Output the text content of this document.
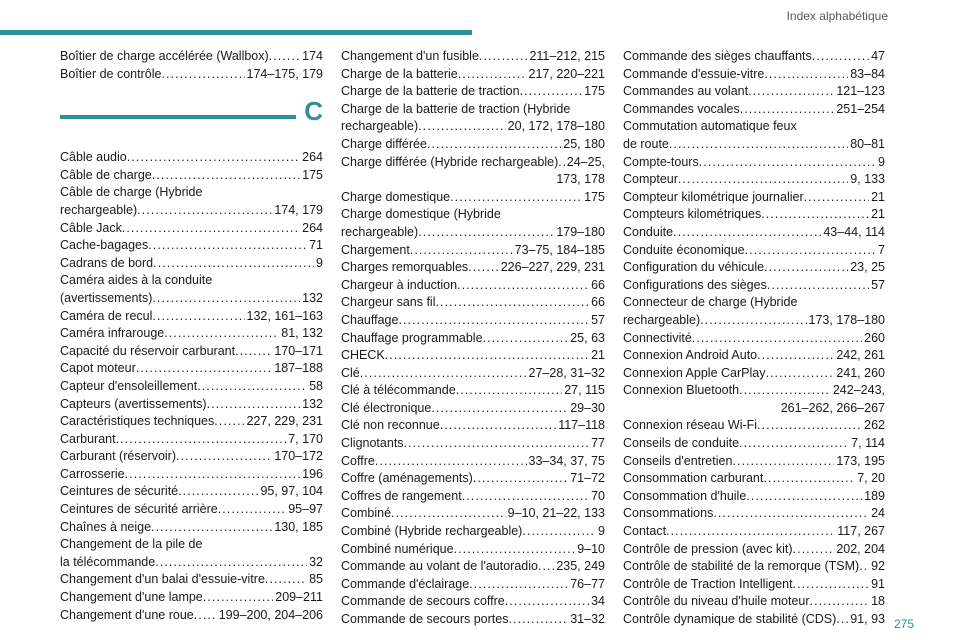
Index alphabétique
Boîtier de charge accélérée (Wallbox) . . .	174
Boîtier de contrôle . . .	174–175, 179
C
Câble audio . . .	264
Câble de charge . . .	175
Câble de charge (Hybride
rechargeable) . . .	174, 179
Câble Jack . . .	264
Cache-bagages . . .	71
Cadrans de bord . . .	9
Caméra aides à la conduite
(avertissements) . . .	132
Caméra de recul . . .	132, 161–163
Caméra infrarouge . . .	81, 132
Capacité du réservoir carburant . . .	170–171
Capot moteur . . .	187–188
Capteur d'ensoleillement . . .	58
Capteurs (avertissements) . . .	132
Caractéristiques techniques . . .	227, 229, 231
Carburant . . .	7, 170
Carburant (réservoir) . . .	170–172
Carrosserie . . .	196
Ceintures de sécurité . . .	95, 97, 104
Ceintures de sécurité arrière . . .	95–97
Chaînes à neige . . .	130, 185
Changement de la pile de
la télécommande . . .	32
Changement d'un balai d'essuie-vitre . . .	85
Changement d'une lampe . . .	209–211
Changement d'une roue . . . 199–200, 204–206
Changement d'un fusible . . .	211–212, 215
Charge de la batterie . . .	217, 220–221
Charge de la batterie de traction . . .	175
Charge de la batterie de traction (Hybride
rechargeable) . . .	20, 172, 178–180
Charge différée . . .	25, 180
Charge différée (Hybride rechargeable) . . . 24–25,
173, 178
Charge domestique . . .	175
Charge domestique (Hybride
rechargeable) . . .	179–180
Chargement . . .	73–75, 184–185
Charges remorquables . . .	226–227, 229, 231
Chargeur à induction . . .	66
Chargeur sans fil . . .	66
Chauffage . . .	57
Chauffage programmable . . .	25, 63
CHECK . . .	21
Clé . . .	27–28, 31–32
Clé à télécommande . . .	27, 115
Clé électronique . . .	29–30
Clé non reconnue . . .	117–118
Clignotants . . .	77
Coffre . . .	33–34, 37, 75
Coffre (aménagements) . . .	71–72
Coffres de rangement . . .	70
Combiné . . .	9–10, 21–22, 133
Combiné (Hybride rechargeable) . . .	9
Combiné numérique . . .	9–10
Commande au volant de l'autoradio . . . 235, 249
Commande d'éclairage . . .	76–77
Commande de secours coffre . . .	34
Commande de secours portes . . .	31–32
Commande des sièges chauffants . . .	47
Commande d'essuie-vitre . . .	83–84
Commandes au volant . . .	121–123
Commandes vocales . . .	251–254
Commutation automatique feux
de route . . .	80–81
Compte-tours . . .	9
Compteur . . .	9, 133
Compteur kilométrique journalier . . .	21
Compteurs kilométriques . . .	21
Conduite . . .	43–44, 114
Conduite économique . . .	7
Configuration du véhicule . . .	23, 25
Configurations des sièges . . .	57
Connecteur de charge (Hybride
rechargeable) . . .	173, 178–180
Connectivité . . .	260
Connexion Android Auto . . .	242, 261
Connexion Apple CarPlay . . .	241, 260
Connexion Bluetooth . . .	242–243,
261–262, 266–267
Connexion réseau Wi-Fi . . .	262
Conseils de conduite . . .	7, 114
Conseils d'entretien . . .	173, 195
Consommation carburant . . .	7, 20
Consommation d'huile . . .	189
Consommations . . .	24
Contact . . .	117, 267
Contrôle de pression (avec kit) . . .	202, 204
Contrôle de stabilité de la remorque (TSM) . . . 92
Contrôle de Traction Intelligent . . .	91
Contrôle du niveau d'huile moteur . . .	18
Contrôle dynamique de stabilité (CDS) . . . 91, 93 275
